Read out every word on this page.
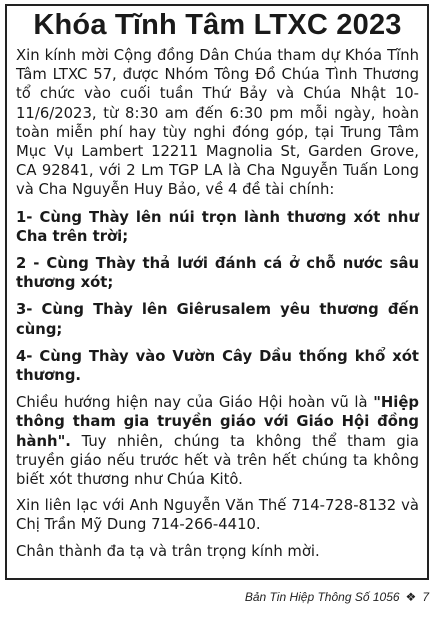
Khóa Tĩnh Tâm LTXC 2023

Xin kính mời Cộng đồng Dân Chúa tham dự Khóa Tĩnh Tâm LTXC 57, được Nhóm Tông Đồ Chúa Tình Thương tổ chức vào cuối tuần Thứ Bảy và Chúa Nhật 10-11/6/2023, từ 8:30 am đến 6:30 pm mỗi ngày, hoàn toàn miễn phí hay tùy nghi đóng góp, tại Trung Tâm Mục Vụ Lambert 12211 Magnolia St, Garden Grove, CA 92841, với 2 Lm TGP LA là Cha Nguyễn Tuấn Long và Cha Nguyễn Huy Bảo, về 4 đề tài chính:

1- Cùng Thày lên núi trọn lành thương xót như Cha trên trời;
2 - Cùng Thày thả lưới đánh cá ở chỗ nước sâu thương xót;
3- Cùng Thày lên Giêrusalem yêu thương đến cùng;
4- Cùng Thày vào Vườn Cây Dầu thống khổ xót thương.

Chiều hướng hiện nay của Giáo Hội hoàn vũ là "Hiệp thông tham gia truyền giáo với Giáo Hội đồng hành". Tuy nhiên, chúng ta không thể tham gia truyền giáo nếu trước hết và trên hết chúng ta không biết xót thương như Chúa Kitô.

Xin liên lạc với Anh Nguyễn Văn Thế 714-728-8132 và Chị Trần Mỹ Dung 714-266-4410.

Chân thành đa tạ và trân trọng kính mời.

Bản Tin Hiệp Thông Số 1056 ❖ 7
